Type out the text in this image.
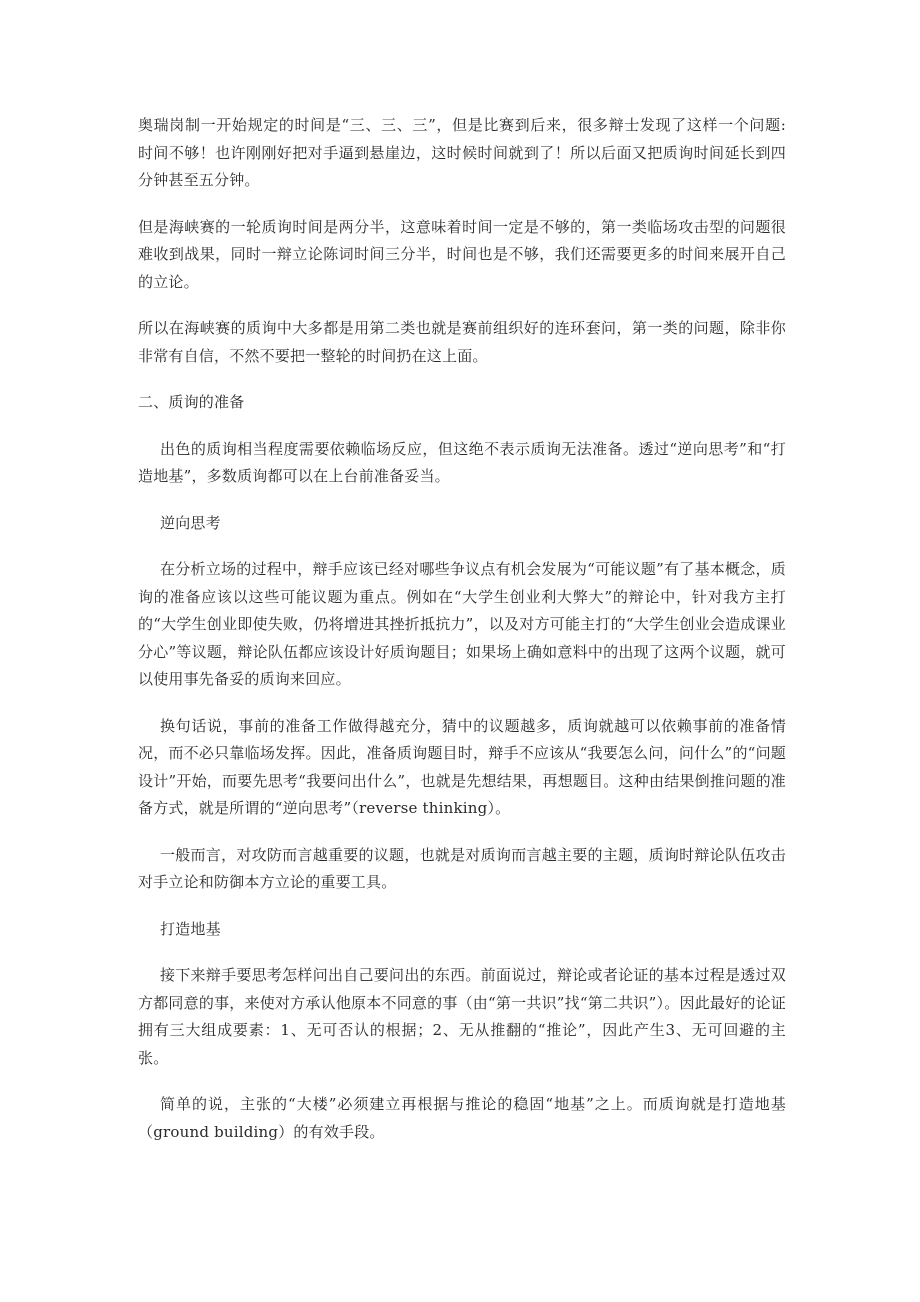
奥瑞岗制一开始规定的时间是“三、三、三”，但是比赛到后来，很多辩士发现了这样一个问题: 时间不够！也许刚刚好把对手逼到悬崖边，这时候时间就到了！所以后面又把质询时间延长到四分钟甚至五分钟。

但是海峡赛的一轮质询时间是两分半，这意味着时间一定是不够的，第一类临场攻击型的问题很难收到战果，同时一辩立论陈词时间三分半，时间也是不够，我们还需要更多的时间来展开自己的立论。

所以在海峡赛的质询中大多都是用第二类也就是赛前组织好的连环套问，第一类的问题，除非你非常有自信，不然不要把一整轮的时间扔在这上面。

二、质询的准备

出色的质询相当程度需要依赖临场反应，但这绝不表示质询无法准备。透过“逆向思考”和“打造地基”，多数质询都可以在上台前准备妥当。

逆向思考

在分析立场的过程中，辩手应该已经对哪些争议点有机会发展为“可能议题”有了基本概念，质询的准备应该以这些可能议题为重点。例如在“大学生创业利大弊大”的辩论中，针对我方主打的“大学生创业即使失败，仍将增进其挫折抵抗力”，以及对方可能主打的“大学生创业会造成课业分心”等议题，辩论队伍都应该设计好质询题目；如果场上确如意料中的出现了这两个议题，就可以使用事先备妥的质询来回应。

换句话说，事前的准备工作做得越充分，猜中的议题越多，质询就越可以依赖事前的准备情况，而不必只靠临场发挥。因此，准备质询题目时，辩手不应该从“我要怎么问，问什么”的“问题设计”开始，而要先思考“我要问出什么”，也就是先想结果，再想题目。这种由结果倒推问题的准备方式，就是所谓的“逆向思考”（reverse thinking）。

一般而言，对攻防而言越重要的议题，也就是对质询而言越主要的主题，质询时辩论队伍攻击对手立论和防御本方立论的重要工具。

打造地基

接下来辩手要思考怎样问出自己要问出的东西。前面说过，辩论或者论证的基本过程是透过双方都同意的事，来使对方承认他原本不同意的事（由“第一共识”找“第二共识”）。因此最好的论证拥有三大组成要素：1、无可否认的根据；2、无从推翻的“推论”，因此产生3、无可回避的主张。

简单的说，主张的“大楼”必须建立再根据与推论的稳固“地基”之上。而质询就是打造地基（ground building）的有效手段。
